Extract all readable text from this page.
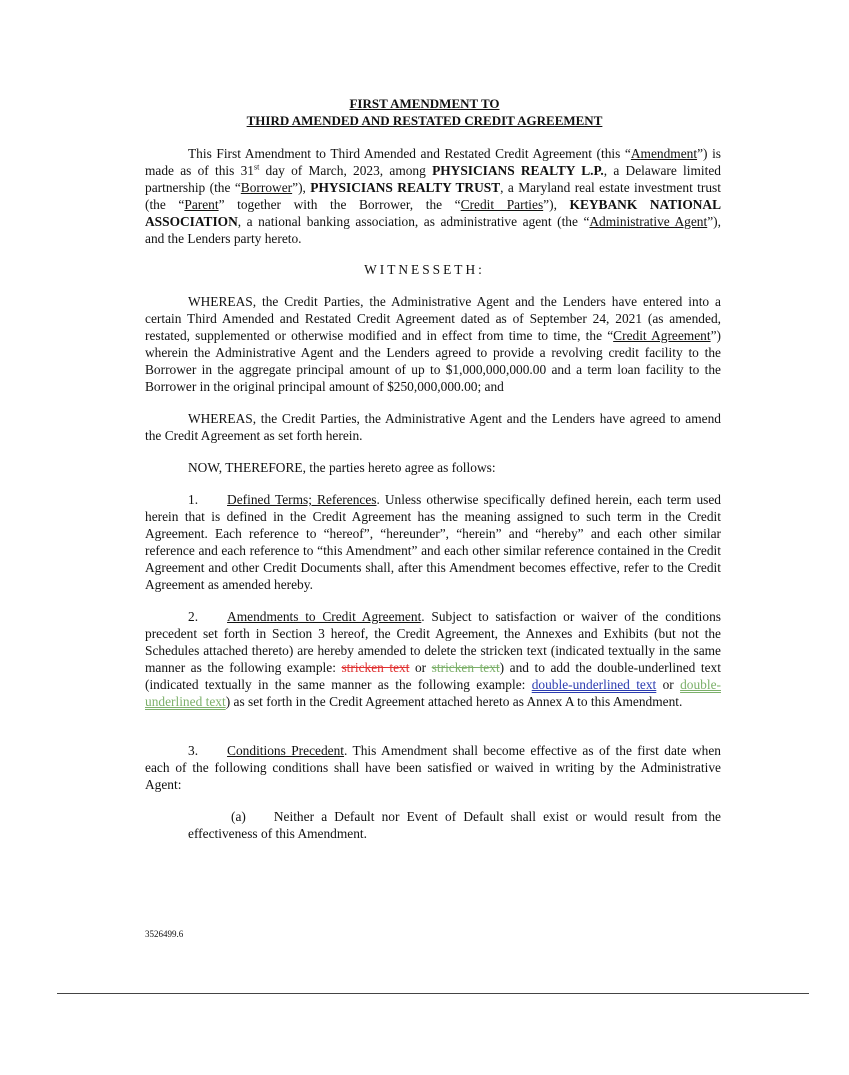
FIRST AMENDMENT TO
THIRD AMENDED AND RESTATED CREDIT AGREEMENT
This First Amendment to Third Amended and Restated Credit Agreement (this “Amendment”) is made as of this 31st day of March, 2023, among PHYSICIANS REALTY L.P., a Delaware limited partnership (the “Borrower”), PHYSICIANS REALTY TRUST, a Maryland real estate investment trust (the “Parent” together with the Borrower, the “Credit Parties”), KEYBANK NATIONAL ASSOCIATION, a national banking association, as administrative agent (the “Administrative Agent”), and the Lenders party hereto.
WITNESSETH:
WHEREAS, the Credit Parties, the Administrative Agent and the Lenders have entered into a certain Third Amended and Restated Credit Agreement dated as of September 24, 2021 (as amended, restated, supplemented or otherwise modified and in effect from time to time, the “Credit Agreement”) wherein the Administrative Agent and the Lenders agreed to provide a revolving credit facility to the Borrower in the aggregate principal amount of up to $1,000,000,000.00 and a term loan facility to the Borrower in the original principal amount of $250,000,000.00; and
WHEREAS, the Credit Parties, the Administrative Agent and the Lenders have agreed to amend the Credit Agreement as set forth herein.
NOW, THEREFORE, the parties hereto agree as follows:
1. Defined Terms; References. Unless otherwise specifically defined herein, each term used herein that is defined in the Credit Agreement has the meaning assigned to such term in the Credit Agreement. Each reference to “hereof”, “hereunder”, “herein” and “hereby” and each other similar reference and each reference to “this Amendment” and each other similar reference contained in the Credit Agreement and other Credit Documents shall, after this Amendment becomes effective, refer to the Credit Agreement as amended hereby.
2. Amendments to Credit Agreement. Subject to satisfaction or waiver of the conditions precedent set forth in Section 3 hereof, the Credit Agreement, the Annexes and Exhibits (but not the Schedules attached thereto) are hereby amended to delete the stricken text (indicated textually in the same manner as the following example: stricken text or stricken text) and to add the double-underlined text (indicated textually in the same manner as the following example: double-underlined text or double-underlined text) as set forth in the Credit Agreement attached hereto as Annex A to this Amendment.
3. Conditions Precedent. This Amendment shall become effective as of the first date when each of the following conditions shall have been satisfied or waived in writing by the Administrative Agent:
(a) Neither a Default nor Event of Default shall exist or would result from the effectiveness of this Amendment.
3526499.6
